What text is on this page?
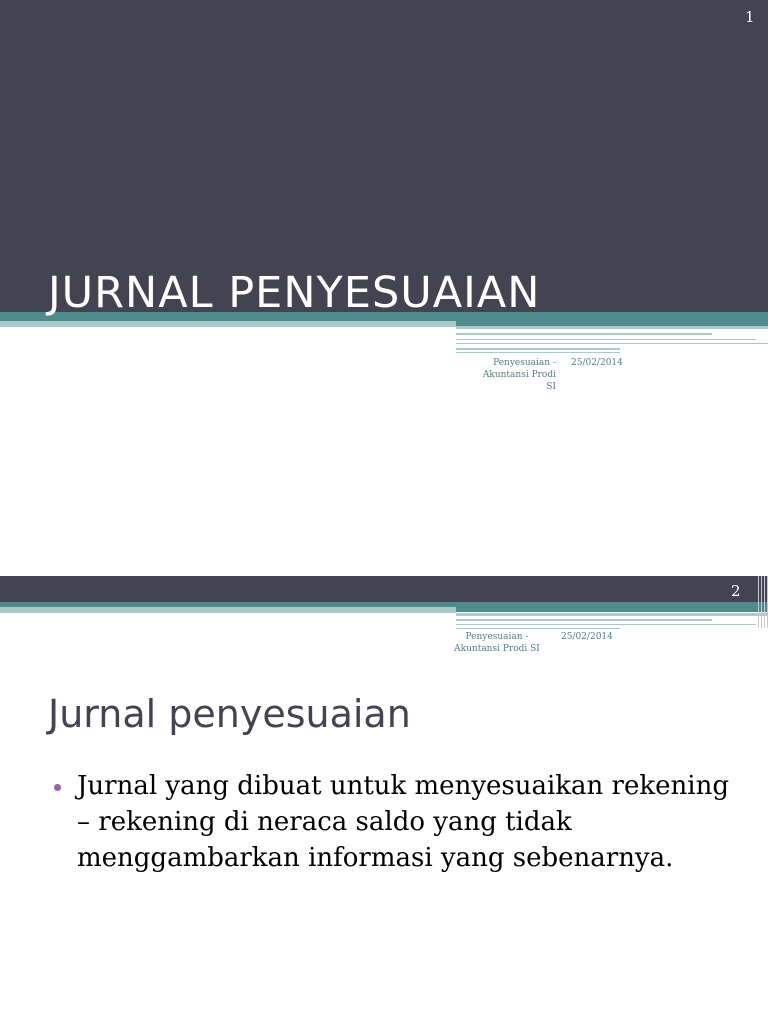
1
JURNAL PENYESUAIAN
Penyesuaian - Akuntansi Prodi SI
25/02/2014
2
Penyesuaian - Akuntansi Prodi SI
25/02/2014
Jurnal penyesuaian
Jurnal yang dibuat untuk menyesuaikan rekening – rekening di neraca saldo yang tidak menggambarkan informasi yang sebenarnya.
